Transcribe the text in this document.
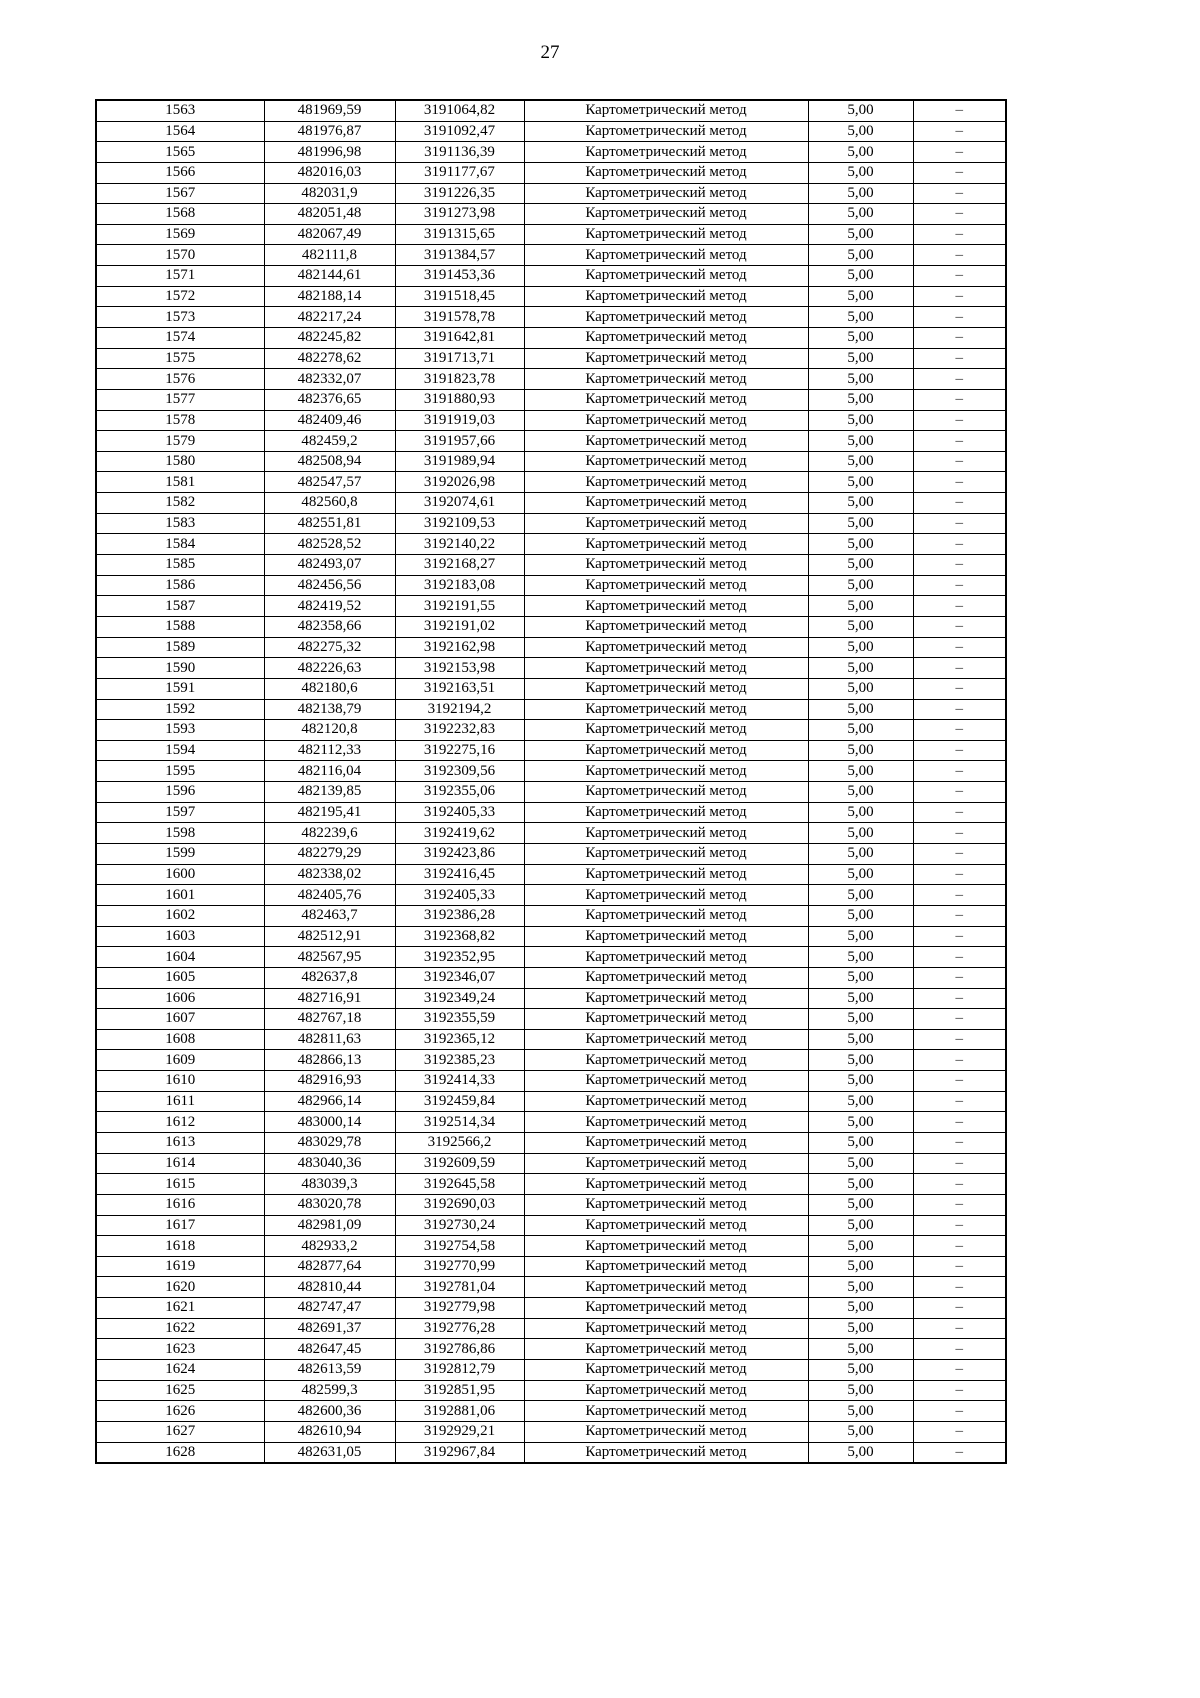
27
1563	481969,59	3191064,82	Картометрический метод	5,00	–
1564	481976,87	3191092,47	Картометрический метод	5,00	–
1565	481996,98	3191136,39	Картометрический метод	5,00	–
1566	482016,03	3191177,67	Картометрический метод	5,00	–
1567	482031,9	3191226,35	Картометрический метод	5,00	–
1568	482051,48	3191273,98	Картометрический метод	5,00	–
1569	482067,49	3191315,65	Картометрический метод	5,00	–
1570	482111,8	3191384,57	Картометрический метод	5,00	–
1571	482144,61	3191453,36	Картометрический метод	5,00	–
1572	482188,14	3191518,45	Картометрический метод	5,00	–
1573	482217,24	3191578,78	Картометрический метод	5,00	–
1574	482245,82	3191642,81	Картометрический метод	5,00	–
1575	482278,62	3191713,71	Картометрический метод	5,00	–
1576	482332,07	3191823,78	Картометрический метод	5,00	–
1577	482376,65	3191880,93	Картометрический метод	5,00	–
1578	482409,46	3191919,03	Картометрический метод	5,00	–
1579	482459,2	3191957,66	Картометрический метод	5,00	–
1580	482508,94	3191989,94	Картометрический метод	5,00	–
1581	482547,57	3192026,98	Картометрический метод	5,00	–
1582	482560,8	3192074,61	Картометрический метод	5,00	–
1583	482551,81	3192109,53	Картометрический метод	5,00	–
1584	482528,52	3192140,22	Картометрический метод	5,00	–
1585	482493,07	3192168,27	Картометрический метод	5,00	–
1586	482456,56	3192183,08	Картометрический метод	5,00	–
1587	482419,52	3192191,55	Картометрический метод	5,00	–
1588	482358,66	3192191,02	Картометрический метод	5,00	–
1589	482275,32	3192162,98	Картометрический метод	5,00	–
1590	482226,63	3192153,98	Картометрический метод	5,00	–
1591	482180,6	3192163,51	Картометрический метод	5,00	–
1592	482138,79	3192194,2	Картометрический метод	5,00	–
1593	482120,8	3192232,83	Картометрический метод	5,00	–
1594	482112,33	3192275,16	Картометрический метод	5,00	–
1595	482116,04	3192309,56	Картометрический метод	5,00	–
1596	482139,85	3192355,06	Картометрический метод	5,00	–
1597	482195,41	3192405,33	Картометрический метод	5,00	–
1598	482239,6	3192419,62	Картометрический метод	5,00	–
1599	482279,29	3192423,86	Картометрический метод	5,00	–
1600	482338,02	3192416,45	Картометрический метод	5,00	–
1601	482405,76	3192405,33	Картометрический метод	5,00	–
1602	482463,7	3192386,28	Картометрический метод	5,00	–
1603	482512,91	3192368,82	Картометрический метод	5,00	–
1604	482567,95	3192352,95	Картометрический метод	5,00	–
1605	482637,8	3192346,07	Картометрический метод	5,00	–
1606	482716,91	3192349,24	Картометрический метод	5,00	–
1607	482767,18	3192355,59	Картометрический метод	5,00	–
1608	482811,63	3192365,12	Картометрический метод	5,00	–
1609	482866,13	3192385,23	Картометрический метод	5,00	–
1610	482916,93	3192414,33	Картометрический метод	5,00	–
1611	482966,14	3192459,84	Картометрический метод	5,00	–
1612	483000,14	3192514,34	Картометрический метод	5,00	–
1613	483029,78	3192566,2	Картометрический метод	5,00	–
1614	483040,36	3192609,59	Картометрический метод	5,00	–
1615	483039,3	3192645,58	Картометрический метод	5,00	–
1616	483020,78	3192690,03	Картометрический метод	5,00	–
1617	482981,09	3192730,24	Картометрический метод	5,00	–
1618	482933,2	3192754,58	Картометрический метод	5,00	–
1619	482877,64	3192770,99	Картометрический метод	5,00	–
1620	482810,44	3192781,04	Картометрический метод	5,00	–
1621	482747,47	3192779,98	Картометрический метод	5,00	–
1622	482691,37	3192776,28	Картометрический метод	5,00	–
1623	482647,45	3192786,86	Картометрический метод	5,00	–
1624	482613,59	3192812,79	Картометрический метод	5,00	–
1625	482599,3	3192851,95	Картометрический метод	5,00	–
1626	482600,36	3192881,06	Картометрический метод	5,00	–
1627	482610,94	3192929,21	Картометрический метод	5,00	–
1628	482631,05	3192967,84	Картометрический метод	5,00	–
